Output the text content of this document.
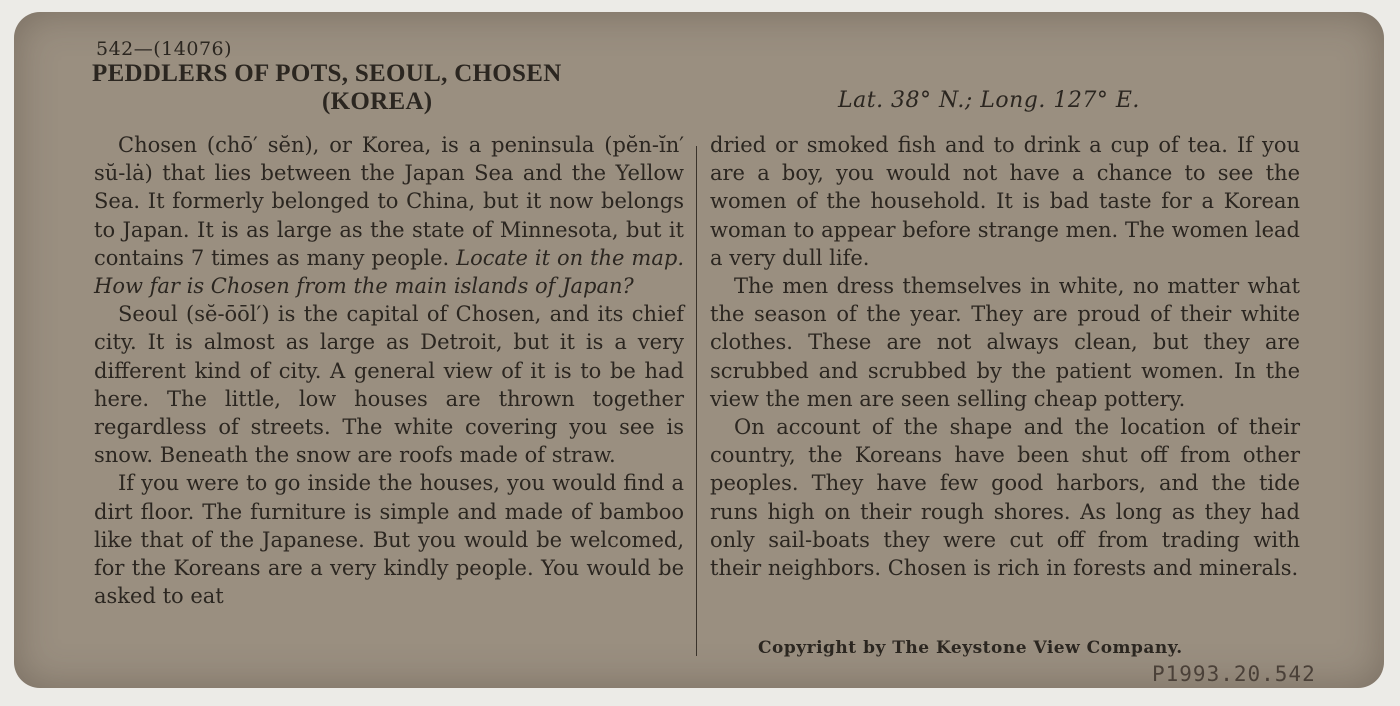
542—(14076)
PEDDLERS OF POTS, SEOUL, CHOSEN
(KOREA)	Lat. 38° N.; Long. 127° E.

Chosen (chō′ sĕn), or Korea, is a peninsula (pĕn-ĭn′ sŭ-lȧ) that lies between the Japan Sea and the Yellow Sea. It formerly belonged to China, but it now belongs to Japan. It is as large as the state of Minnesota, but it contains 7 times as many people. Locate it on the map. How far is Chosen from the main islands of Japan?

Seoul (sĕ-ōōl′) is the capital of Chosen, and its chief city. It is almost as large as Detroit, but it is a very different kind of city. A general view of it is to be had here. The little, low houses are thrown together regardless of streets. The white covering you see is snow. Beneath the snow are roofs made of straw.

If you were to go inside the houses, you would find a dirt floor. The furniture is simple and made of bamboo like that of the Japanese. But you would be welcomed, for the Koreans are a very kindly people. You would be asked to eat

dried or smoked fish and to drink a cup of tea. If you are a boy, you would not have a chance to see the women of the household. It is bad taste for a Korean woman to appear before strange men. The women lead a very dull life.

The men dress themselves in white, no matter what the season of the year. They are proud of their white clothes. These are not always clean, but they are scrubbed and scrubbed by the patient women. In the view the men are seen selling cheap pottery.

On account of the shape and the location of their country, the Koreans have been shut off from other peoples. They have few good harbors, and the tide runs high on their rough shores. As long as they had only sail-boats they were cut off from trading with their neighbors. Chosen is rich in forests and minerals.

Copyright by The Keystone View Company.
P1993.20.542
